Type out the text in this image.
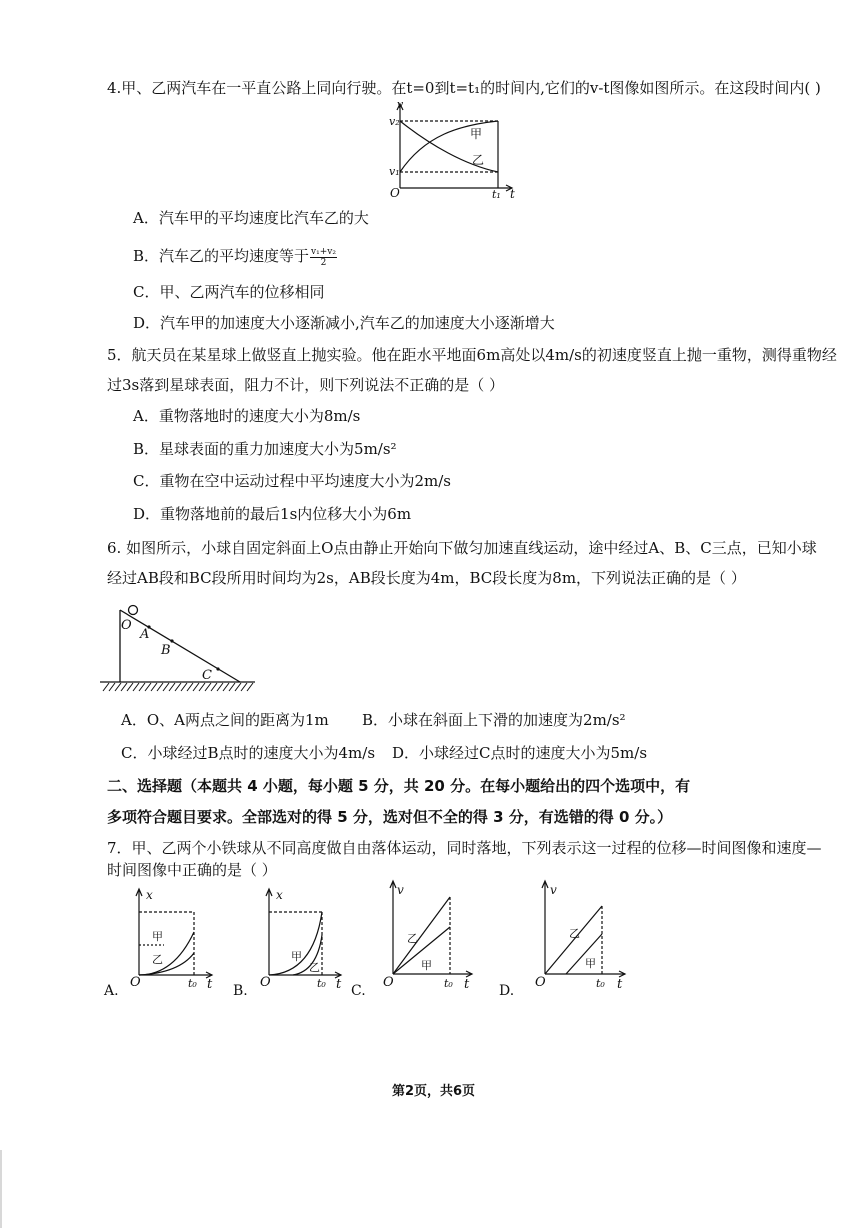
4.甲、乙两汽车在一平直公路上同向行驶。在t=0到t=t₁的时间内,它们的v-t图像如图所示。在这段时间内( )
v
v₂
v₁
甲
乙
O	t₁ t
A．汽车甲的平均速度比汽车乙的大
B．汽车乙的平均速度等于 $\frac{\text{v₁+v₂}}{2}$
C．甲、乙两汽车的位移相同
D．汽车甲的加速度大小逐渐减小,汽车乙的加速度大小逐渐增大
5．航天员在某星球上做竖直上抛实验。他在距水平地面6m高处以4m/s的初速度竖直上抛一重物，测得重物经
过3s落到星球表面，阻力不计，则下列说法不正确的是（ ）
A．重物落地时的速度大小为8m/s
B．星球表面的重力加速度大小为5m/s²
C．重物在空中运动过程中平均速度大小为2m/s
D．重物落地前的最后1s内位移大小为6m
6. 如图所示，小球自固定斜面上O点由静止开始向下做匀加速直线运动，途中经过A、B、C三点，已知小球
经过AB段和BC段所用时间均为2s，AB段长度为4m，BC段长度为8m，下列说法正确的是（ ）
O
A
B
C
A．O、A两点之间的距离为1m B．小球在斜面上下滑的加速度为2m/s²
C．小球经过B点时的速度大小为4m/s D．小球经过C点时的速度大小为5m/s
二、选择题（本题共 4 小题，每小题 5 分，共 20 分。在每小题给出的四个选项中，有
多项符合题目要求。全部选对的得 5 分，选对但不全的得 3 分，有选错的得 0 分。）
7．甲、乙两个小铁球从不同高度做自由落体运动，同时落地，下列表示这一过程的位移—时间图像和速度—
时间图像中正确的是（ ）
x
甲
乙
O	t₀ t
A.
x
甲
乙
O	t₀ t
B.
v
乙
甲
O	t₀ t
C.
v
乙
甲
O	t₀ t
D.
第2页，共6页
